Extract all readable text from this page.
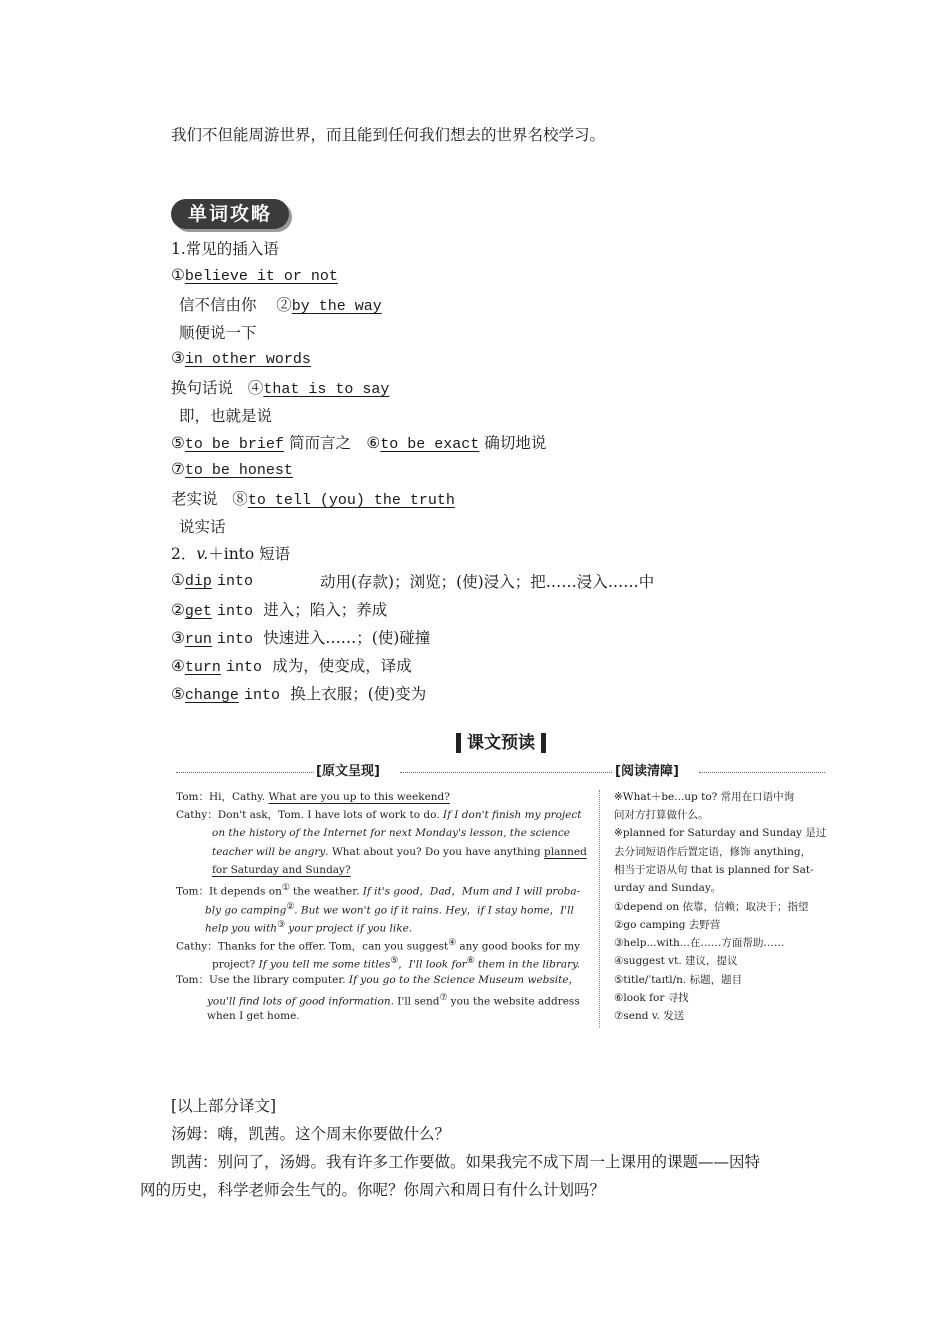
我们不但能周游世界，而且能到任何我们想去的世界名校学习。
单词攻略
1.常见的插入语
①believe it or not
信不信由你 ②by the way
顺便说一下
③in other words
换句话说 ④that is to say
即，也就是说
⑤to be brief 简而言之 ⑥to be exact 确切地说
⑦to be honest
老实说 ⑧to tell (you) the truth
说实话
2．v.＋into 短语
①dip into	动用(存款)；浏览；(使)浸入；把……浸入……中
②get into 进入；陷入；养成
③run into 快速进入……；(使)碰撞
④turn into 成为，使变成，译成
⑤change into 换上衣服；(使)变为
课文预读
[原文呈现]	[阅读清障]
Tom：Hi，Cathy. What are you up to this weekend?
Cathy：Don't ask，Tom. I have lots of work to do. If I don't finish my project
on the history of the Internet for next Monday's lesson, the science
teacher will be angry. What about you? Do you have anything planned
for Saturday and Sunday?
Tom：It depends on① the weather. If it's good，Dad，Mum and I will proba-
bly go camping②. But we won't go if it rains. Hey，if I stay home，I'll
help you with③ your project if you like.
Cathy：Thanks for the offer. Tom，can you suggest④ any good books for my
project? If you tell me some titles⑤，I'll look for⑥ them in the library.
Tom：Use the library computer. If you go to the Science Museum website，
you'll find lots of good information. I'll send⑦ you the website address
when I get home.
※What＋be...up to? 常用在口语中询
问对方打算做什么。
※planned for Saturday and Sunday 是过
去分词短语作后置定语，修饰 anything，
相当于定语从句 that is planned for Sat-
urday and Sunday。
①depend on 依靠，信赖；取决于；指望
②go camping 去野营
③help...with...在……方面帮助……
④suggest vt. 建议，提议
⑤title/ˈtaɪtl/n. 标题，题目
⑥look for 寻找
⑦send v. 发送
[以上部分译文]
汤姆：嗨，凯茜。这个周末你要做什么？
凯茜：别问了，汤姆。我有许多工作要做。如果我完不成下周一上课用的课题——因特
网的历史，科学老师会生气的。你呢？你周六和周日有什么计划吗？
